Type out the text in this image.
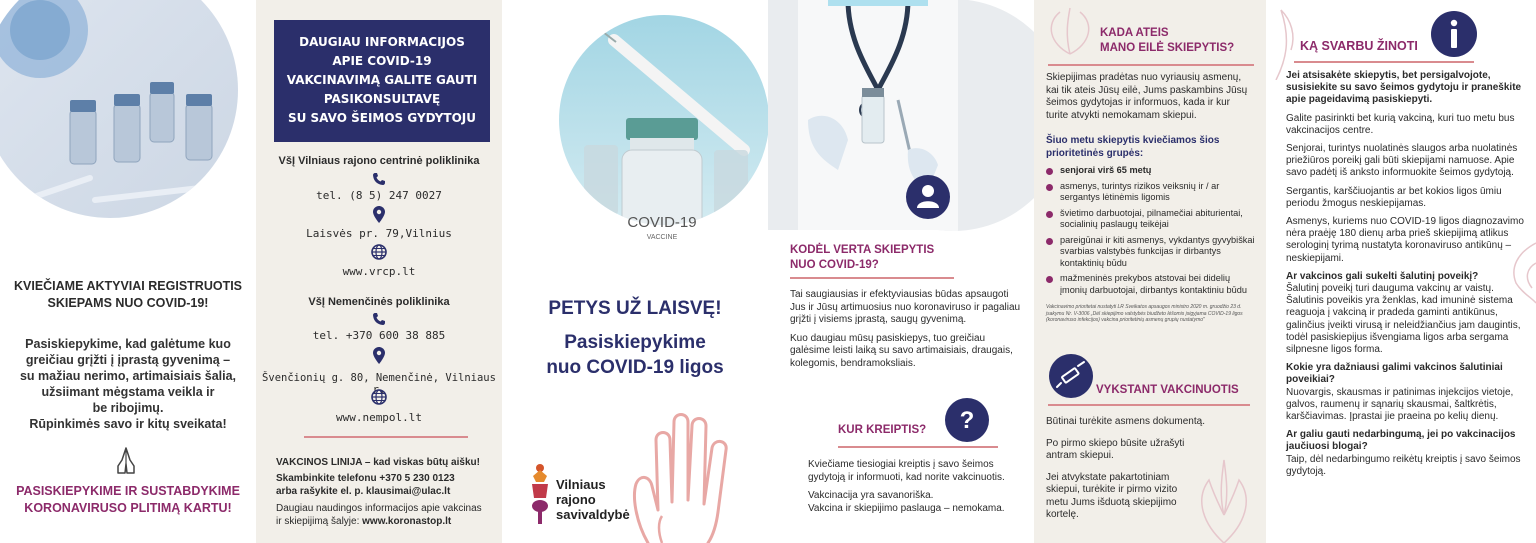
KVIEČIAME AKTYVIAI REGISTRUOTIS
SKIEPAMS NUO COVID-19!
Pasiskiepykime, kad galėtume kuo
greičiau grįžti į įprastą gyvenimą –
su mažiau nerimo, artimaisiais šalia,
užsiimant mėgstama veikla ir
be ribojimų.
Rūpinkimės savo ir kitų sveikata!
PASISKIEPYKIME IR SUSTABDYKIME
KORONAVIRUSO PLITIMĄ KARTU!
DAUGIAU INFORMACIJOS
APIE COVID-19
VAKCINAVIMĄ GALITE GAUTI
PASIKONSULTAVĘ
SU SAVO ŠEIMOS GYDYTOJU
VšĮ Vilniaus rajono centrinė poliklinika
tel. (8 5) 247 0027
Laisvės pr. 79,Vilnius
www.vrcp.lt
VšĮ Nemenčinės poliklinika
tel. +370 600 38 885
Švenčionių g. 80, Nemenčinė, Vilniaus r.
www.nempol.lt
VAKCINOS LINIJA – kad viskas būtų aišku!
Skambinkite telefonu +370 5 230 0123
arba rašykite el. p. klausimai@ulac.lt
Daugiau naudingos informacijos apie vakcinas
ir skiepijimą šalyje: www.koronastop.lt
COVID-19
VACCINE
PETYS UŽ LAISVĘ!
Pasiskiepykime
nuo COVID-19 ligos
Vilniaus
rajono
savivaldybė
KODĖL VERTA SKIEPYTIS
NUO COVID-19?
Tai saugiausias ir efektyviausias būdas apsaugoti Jus ir Jūsų artimuosius nuo koronaviruso ir pagaliau grįžti į visiems įprastą, saugų gyvenimą.
Kuo daugiau mūsų pasiskiepys, tuo greičiau galėsime leisti laiką su savo artimaisiais, draugais, kolegomis, bendramoksliais.
KUR KREIPTIS? ?
Kviečiame tiesiogiai kreiptis į savo šeimos gydytoją ir informuoti, kad norite vakcinuotis.
Vakcinacija yra savanoriška.
Vakcina ir skiepijimo paslauga – nemokama.
KADA ATEIS
MANO EILĖ SKIEPYTIS?
Skiepijimas pradėtas nuo vyriausių asmenų, kai tik ateis Jūsų eilė, Jums paskambins Jūsų šeimos gydytojas ir informuos, kada ir kur turite atvykti nemokamam skiepui.
Šiuo metu skiepytis kviečiamos šios prioritetinės grupės:
senjorai virš 65 metų
asmenys, turintys rizikos veiksnių ir / ar sergantys lėtinėmis ligomis
švietimo darbuotojai, pilnamečiai abiturientai, socialinių paslaugų teikėjai
pareigūnai ir kiti asmenys, vykdantys gyvybiškai svarbias valstybės funkcijas ir dirbantys kontaktinių būdu
mažmeninės prekybos atstovai bei didelių įmonių darbuotojai, dirbantys kontaktiniu būdu
Vakcinavimo prioritetai nustatyti LR Sveikatos apsaugos ministro 2020 m. gruodžio 23 d. įsakymu Nr. V-3006 „Dėl skiepijimo valstybės biudžeto lėšomis įsigyjama COVID-19 ligos (koronaviruso infekcijos) vakcina prioritetinių asmenų grupių nustatymo"
VYKSTANT VAKCINUOTIS
Būtinai turėkite asmens dokumentą.
Po pirmo skiepo būsite užrašyti antram skiepui.
Jei atvykstate pakartotiniam skiepui, turėkite ir pirmo vizito metu Jums išduotą skiepijimo kortelę.
KĄ SVARBU ŽINOTI
Jei atsisakėte skiepytis, bet persigalvojote, susisiekite su savo šeimos gydytoju ir praneškite apie pageidavimą pasiskiepyti.
Galite pasirinkti bet kurią vakciną, kuri tuo metu bus vakcinacijos centre.
Senjorai, turintys nuolatinės slaugos arba nuolatinės priežiūros poreikį gali būti skiepijami namuose. Apie savo padėtį iš anksto informuokite šeimos gydytoją.
Sergantis, karščiuojantis ar bet kokios ligos ūmiu periodu žmogus neskiepijamas.
Asmenys, kuriems nuo COVID-19 ligos diagnozavimo nėra praėję 180 dienų arba prieš skiepijimą atlikus serologinį tyrimą nustatyta koronaviruso antikūnų – neskiepijami.
Ar vakcinos gali sukelti šalutinį poveikį?
Šalutinį poveikį turi dauguma vakcinų ar vaistų. Šalutinis poveikis yra ženklas, kad imuninė sistema reaguoja į vakciną ir pradeda gaminti antikūnus, galinčius įveikti virusą ir neleidžiančius jam daugintis, todėl pasiskiepijus išvengiama ligos arba sergama silpnesne ligos forma.
Kokie yra dažniausi galimi vakcinos šalutiniai poveikiai?
Nuovargis, skausmas ir patinimas injekcijos vietoje, galvos, raumenų ir sąnarių skausmai, šaltkrėtis, karščiavimas. Įprastai jie praeina po kelių dienų.
Ar galiu gauti nedarbingumą, jei po vakcinacijos jaučiuosi blogai?
Taip, dėl nedarbingumo reikėtų kreiptis į savo šeimos gydytoją.
